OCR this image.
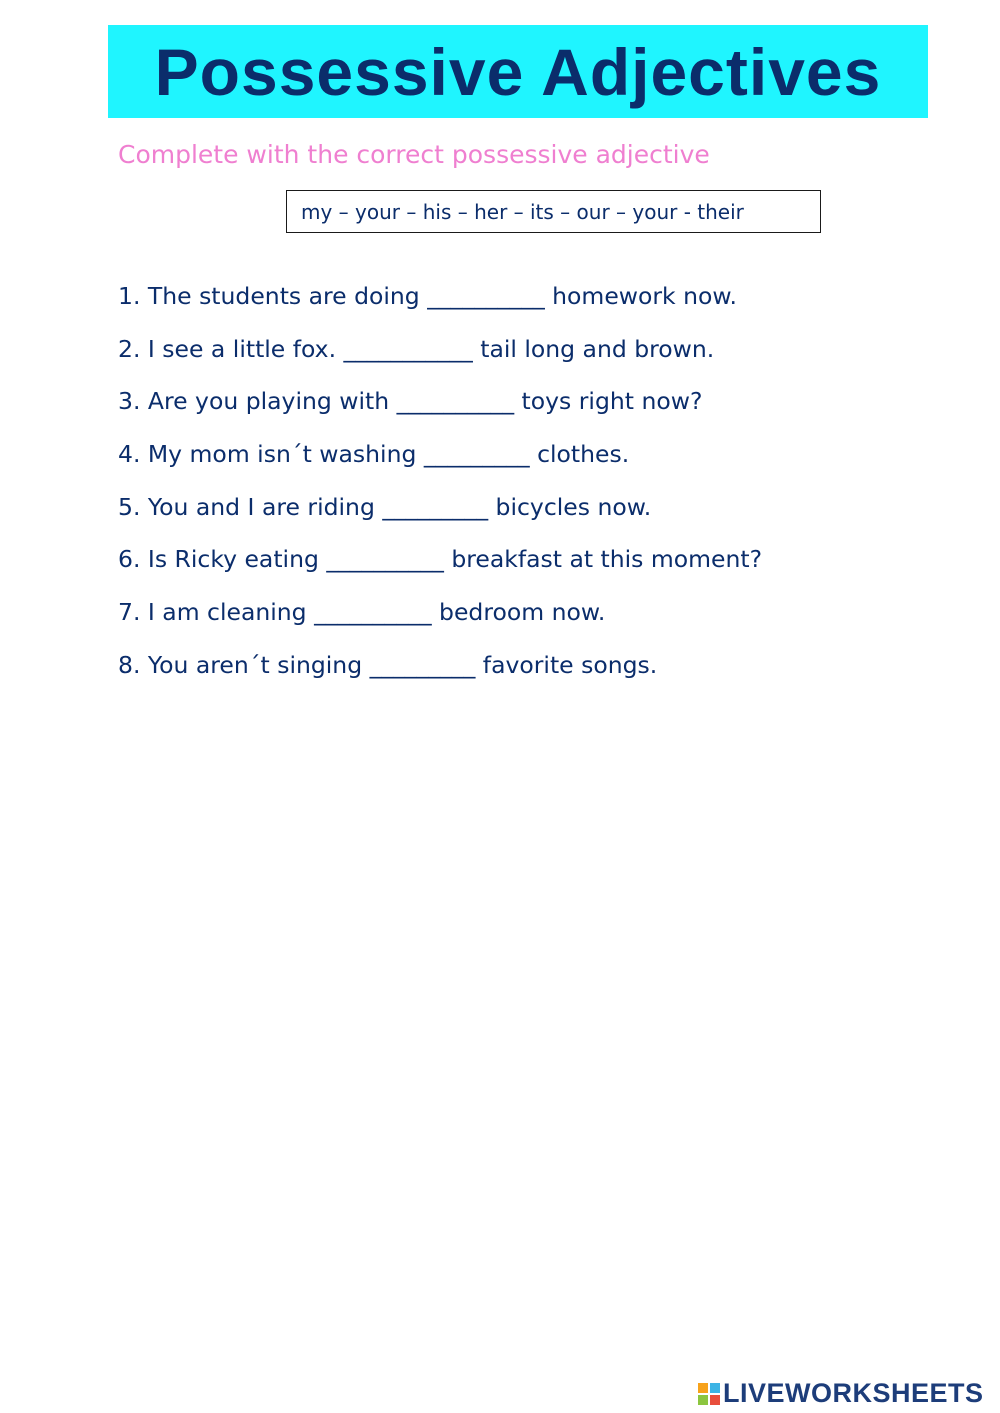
Possessive Adjectives
Complete with the correct possessive adjective
my – your – his – her – its – our – your - their
1. The students are doing __________ homework now.
2. I see a little fox. ___________ tail long and brown.
3. Are you playing with __________ toys right now?
4. My mom isn´t washing _________ clothes.
5. You and I are riding _________ bicycles now.
6. Is Ricky eating __________ breakfast at this moment?
7. I am cleaning __________ bedroom now.
8. You aren´t singing _________ favorite songs.
LIVEWORKSHEETS
